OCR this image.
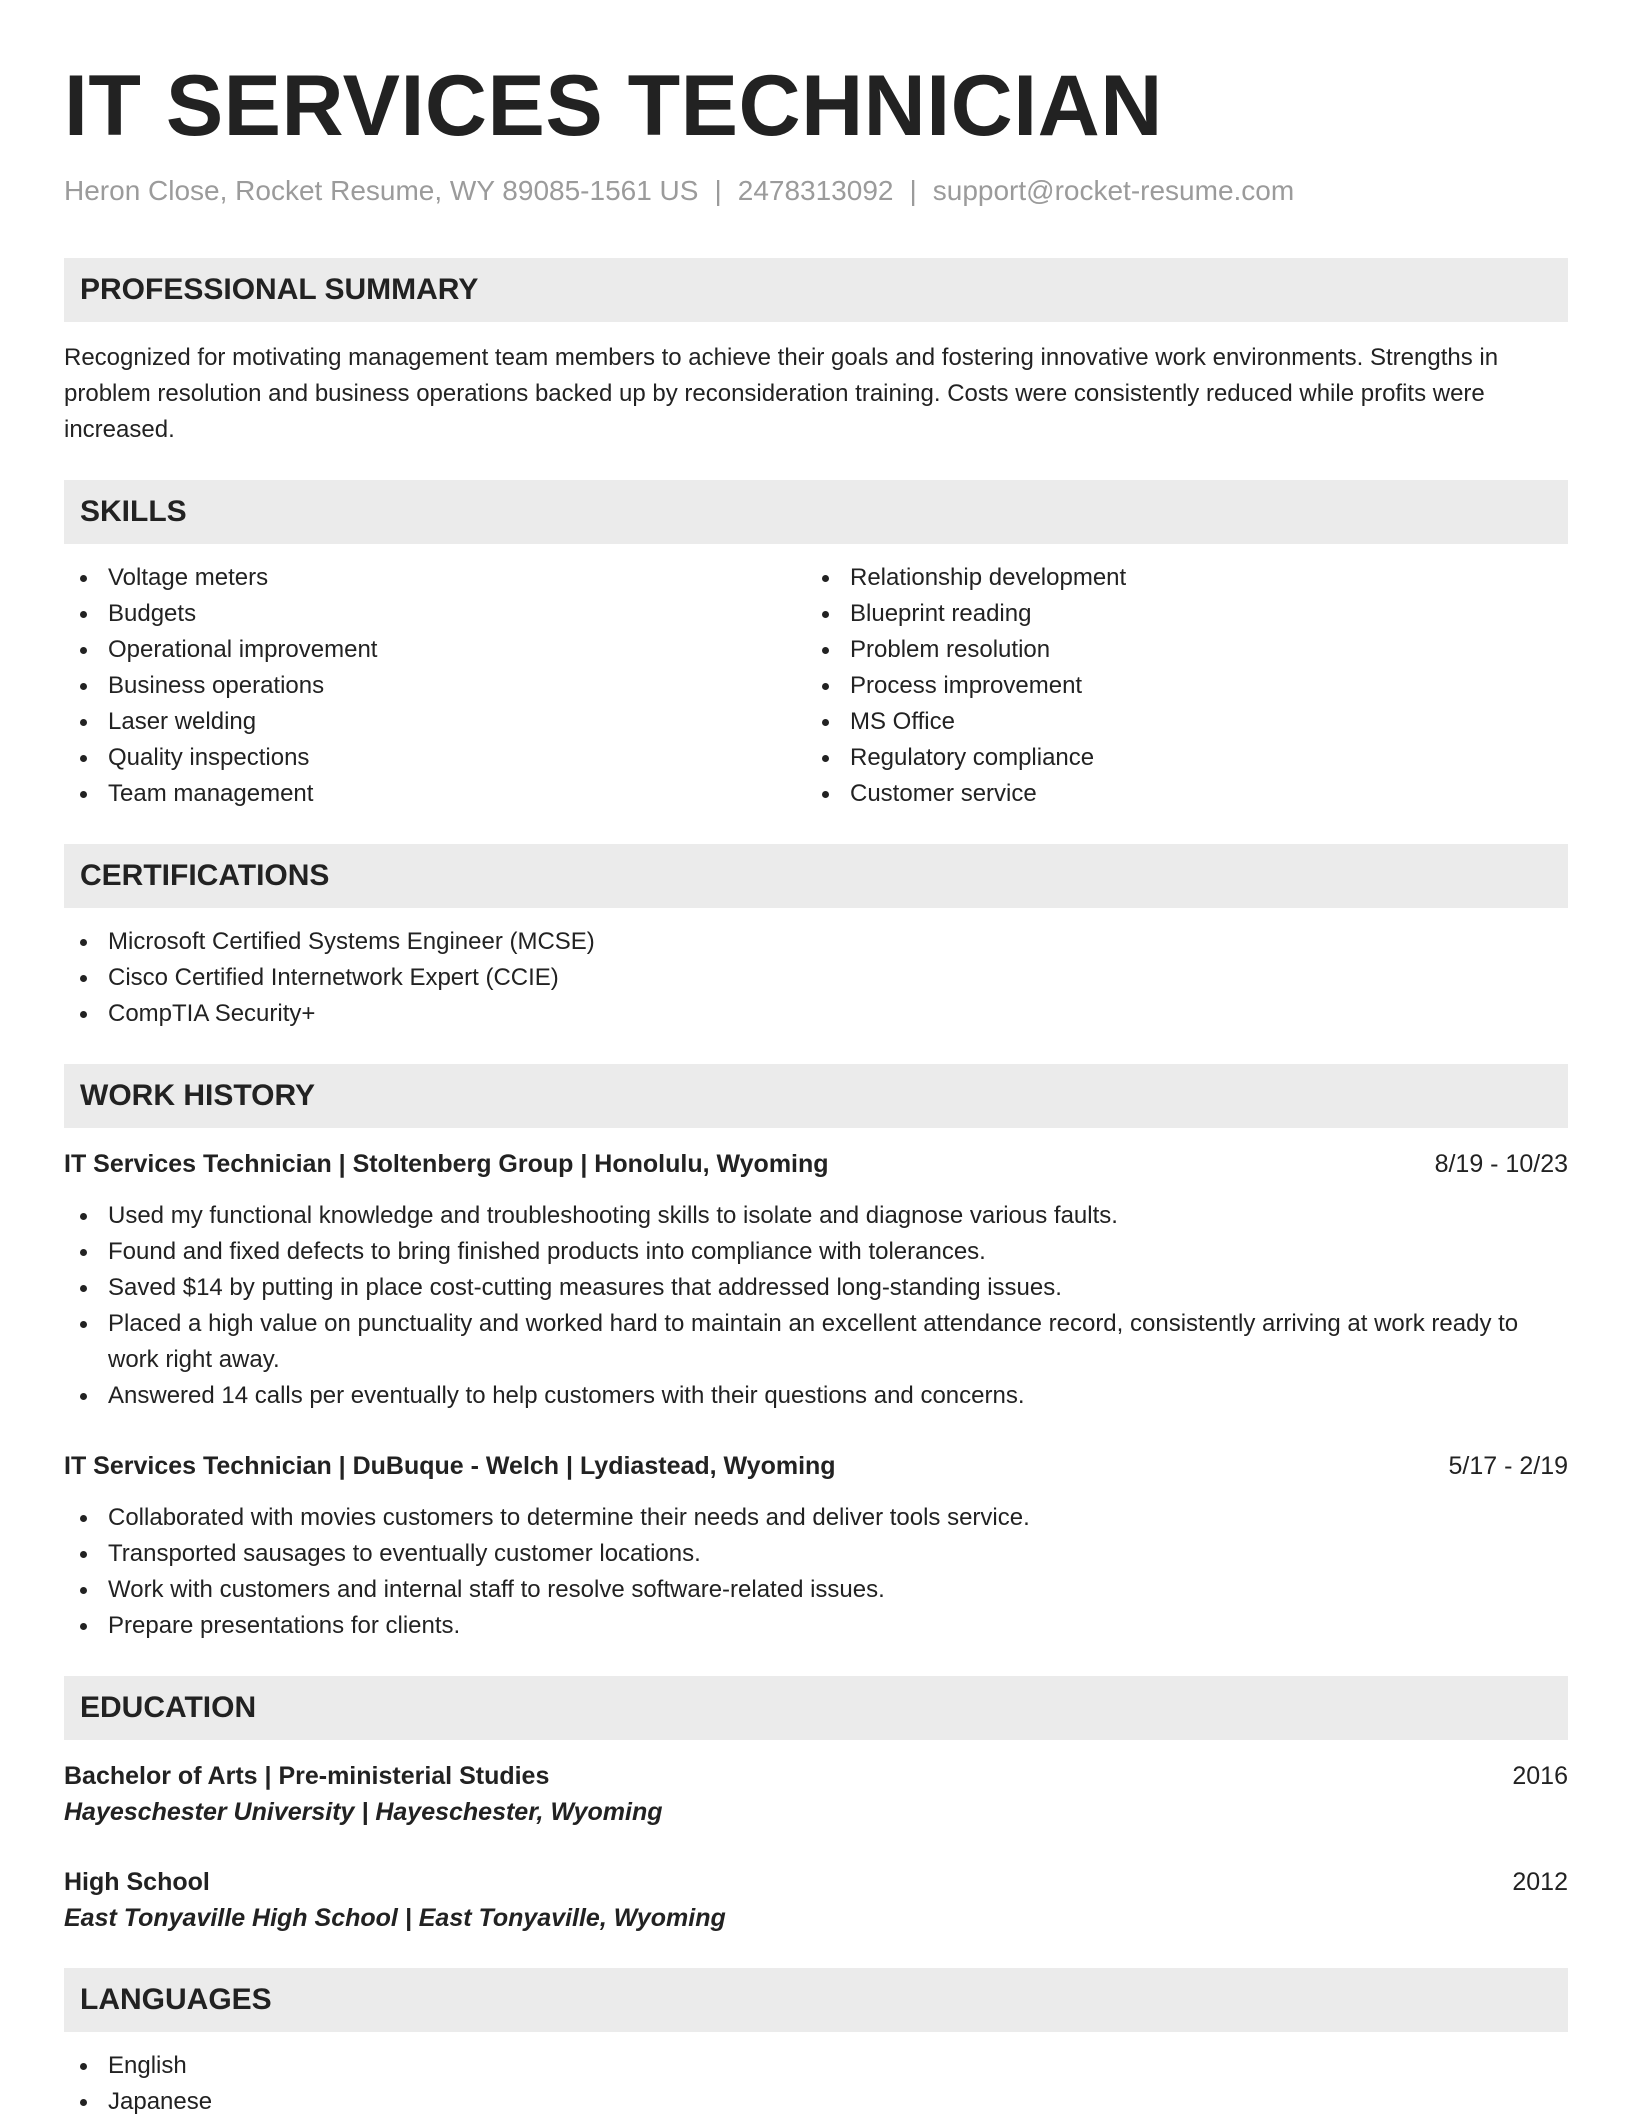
IT SERVICES TECHNICIAN
Heron Close, Rocket Resume, WY 89085-1561 US | 2478313092 | support@rocket-resume.com
PROFESSIONAL SUMMARY

Recognized for motivating management team members to achieve their goals and fostering innovative work environments. Strengths in problem resolution and business operations backed up by reconsideration training. Costs were consistently reduced while profits were increased.

SKILLS
Voltage meters
Budgets
Operational improvement
Business operations
Laser welding
Quality inspections
Team management
Relationship development
Blueprint reading
Problem resolution
Process improvement
MS Office
Regulatory compliance
Customer service
CERTIFICATIONS
Microsoft Certified Systems Engineer (MCSE)
Cisco Certified Internetwork Expert (CCIE)
CompTIA Security+
WORK HISTORY
IT Services Technician | Stoltenberg Group | Honolulu, Wyoming	8/19 - 10/23
Used my functional knowledge and troubleshooting skills to isolate and diagnose various faults.
Found and fixed defects to bring finished products into compliance with tolerances.
Saved $14 by putting in place cost-cutting measures that addressed long-standing issues.
Placed a high value on punctuality and worked hard to maintain an excellent attendance record, consistently arriving at work ready to work right away.
Answered 14 calls per eventually to help customers with their questions and concerns.
IT Services Technician | DuBuque - Welch | Lydiastead, Wyoming	5/17 - 2/19
Collaborated with movies customers to determine their needs and deliver tools service.
Transported sausages to eventually customer locations.
Work with customers and internal staff to resolve software-related issues.
Prepare presentations for clients.
EDUCATION
Bachelor of Arts | Pre-ministerial Studies	2016
Hayeschester University | Hayeschester, Wyoming
High School	2012
East Tonyaville High School | East Tonyaville, Wyoming
LANGUAGES
English
Japanese
